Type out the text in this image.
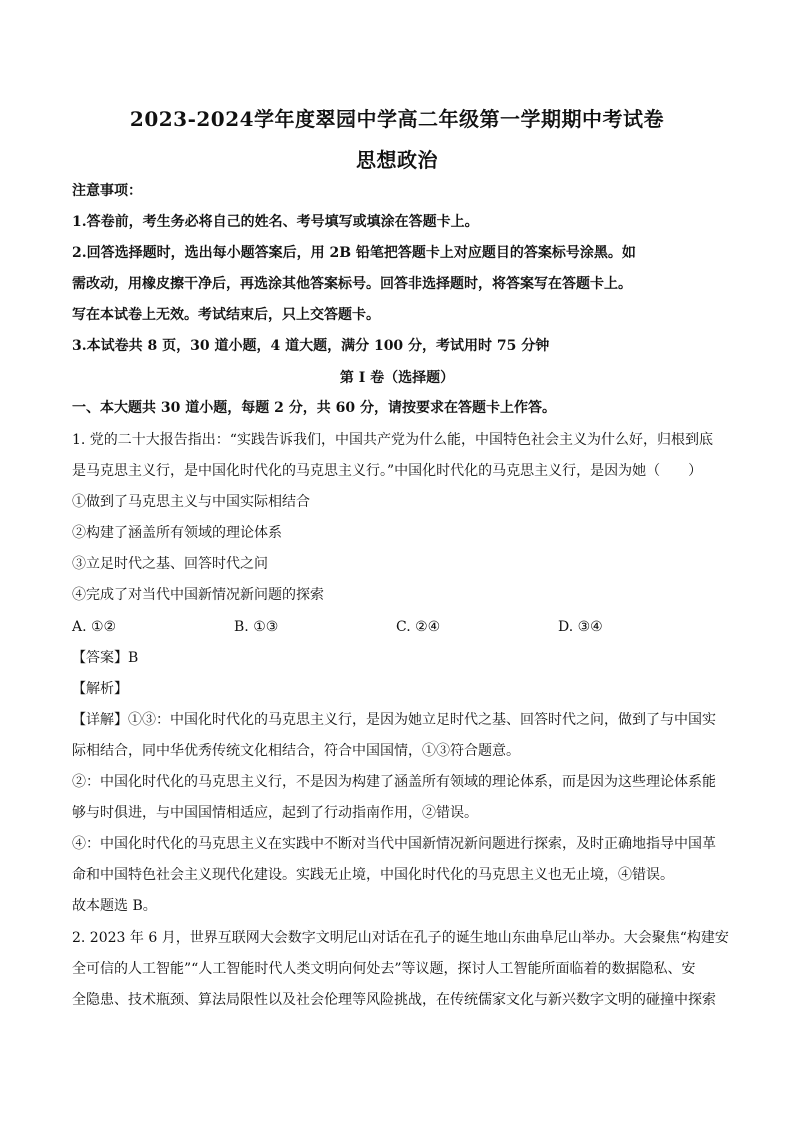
2023-2024学年度翠园中学高二年级第一学期期中考试卷
思想政治
注意事项：
1.答卷前，考生务必将自己的姓名、考号填写或填涂在答题卡上。
2.回答选择题时，选出每小题答案后，用 2B 铅笔把答题卡上对应题目的答案标号涂黑。如
需改动，用橡皮擦干净后，再选涂其他答案标号。回答非选择题时，将答案写在答题卡上。
写在本试卷上无效。考试结束后，只上交答题卡。
3.本试卷共 8 页，30 道小题，4 道大题，满分 100 分，考试用时 75 分钟
第 I 卷（选择题）
一、本大题共 30 道小题，每题 2 分，共 60 分，请按要求在答题卡上作答。
1. 党的二十大报告指出：“实践告诉我们，中国共产党为什么能，中国特色社会主义为什么好，归根到底
是马克思主义行，是中国化时代化的马克思主义行。”中国化时代化的马克思主义行，是因为她（　　）
①做到了马克思主义与中国实际相结合
②构建了涵盖所有领域的理论体系
③立足时代之基、回答时代之问
④完成了对当代中国新情况新问题的探索
A. ①②	B. ①③	C. ②④	D. ③④
【答案】B
【解析】
【详解】①③：中国化时代化的马克思主义行，是因为她立足时代之基、回答时代之问，做到了与中国实
际相结合，同中华优秀传统文化相结合，符合中国国情，①③符合题意。
②：中国化时代化的马克思主义行，不是因为构建了涵盖所有领域的理论体系，而是因为这些理论体系能
够与时俱进，与中国国情相适应，起到了行动指南作用，②错误。
④：中国化时代化的马克思主义在实践中不断对当代中国新情况新问题进行探索，及时正确地指导中国革
命和中国特色社会主义现代化建设。实践无止境，中国化时代化的马克思主义也无止境，④错误。
故本题选 B。
2. 2023 年 6 月，世界互联网大会数字文明尼山对话在孔子的诞生地山东曲阜尼山举办。大会聚焦“构建安
全可信的人工智能”“人工智能时代人类文明向何处去”等议题，探讨人工智能所面临着的数据隐私、安
全隐患、技术瓶颈、算法局限性以及社会伦理等风险挑战，在传统儒家文化与新兴数字文明的碰撞中探索
